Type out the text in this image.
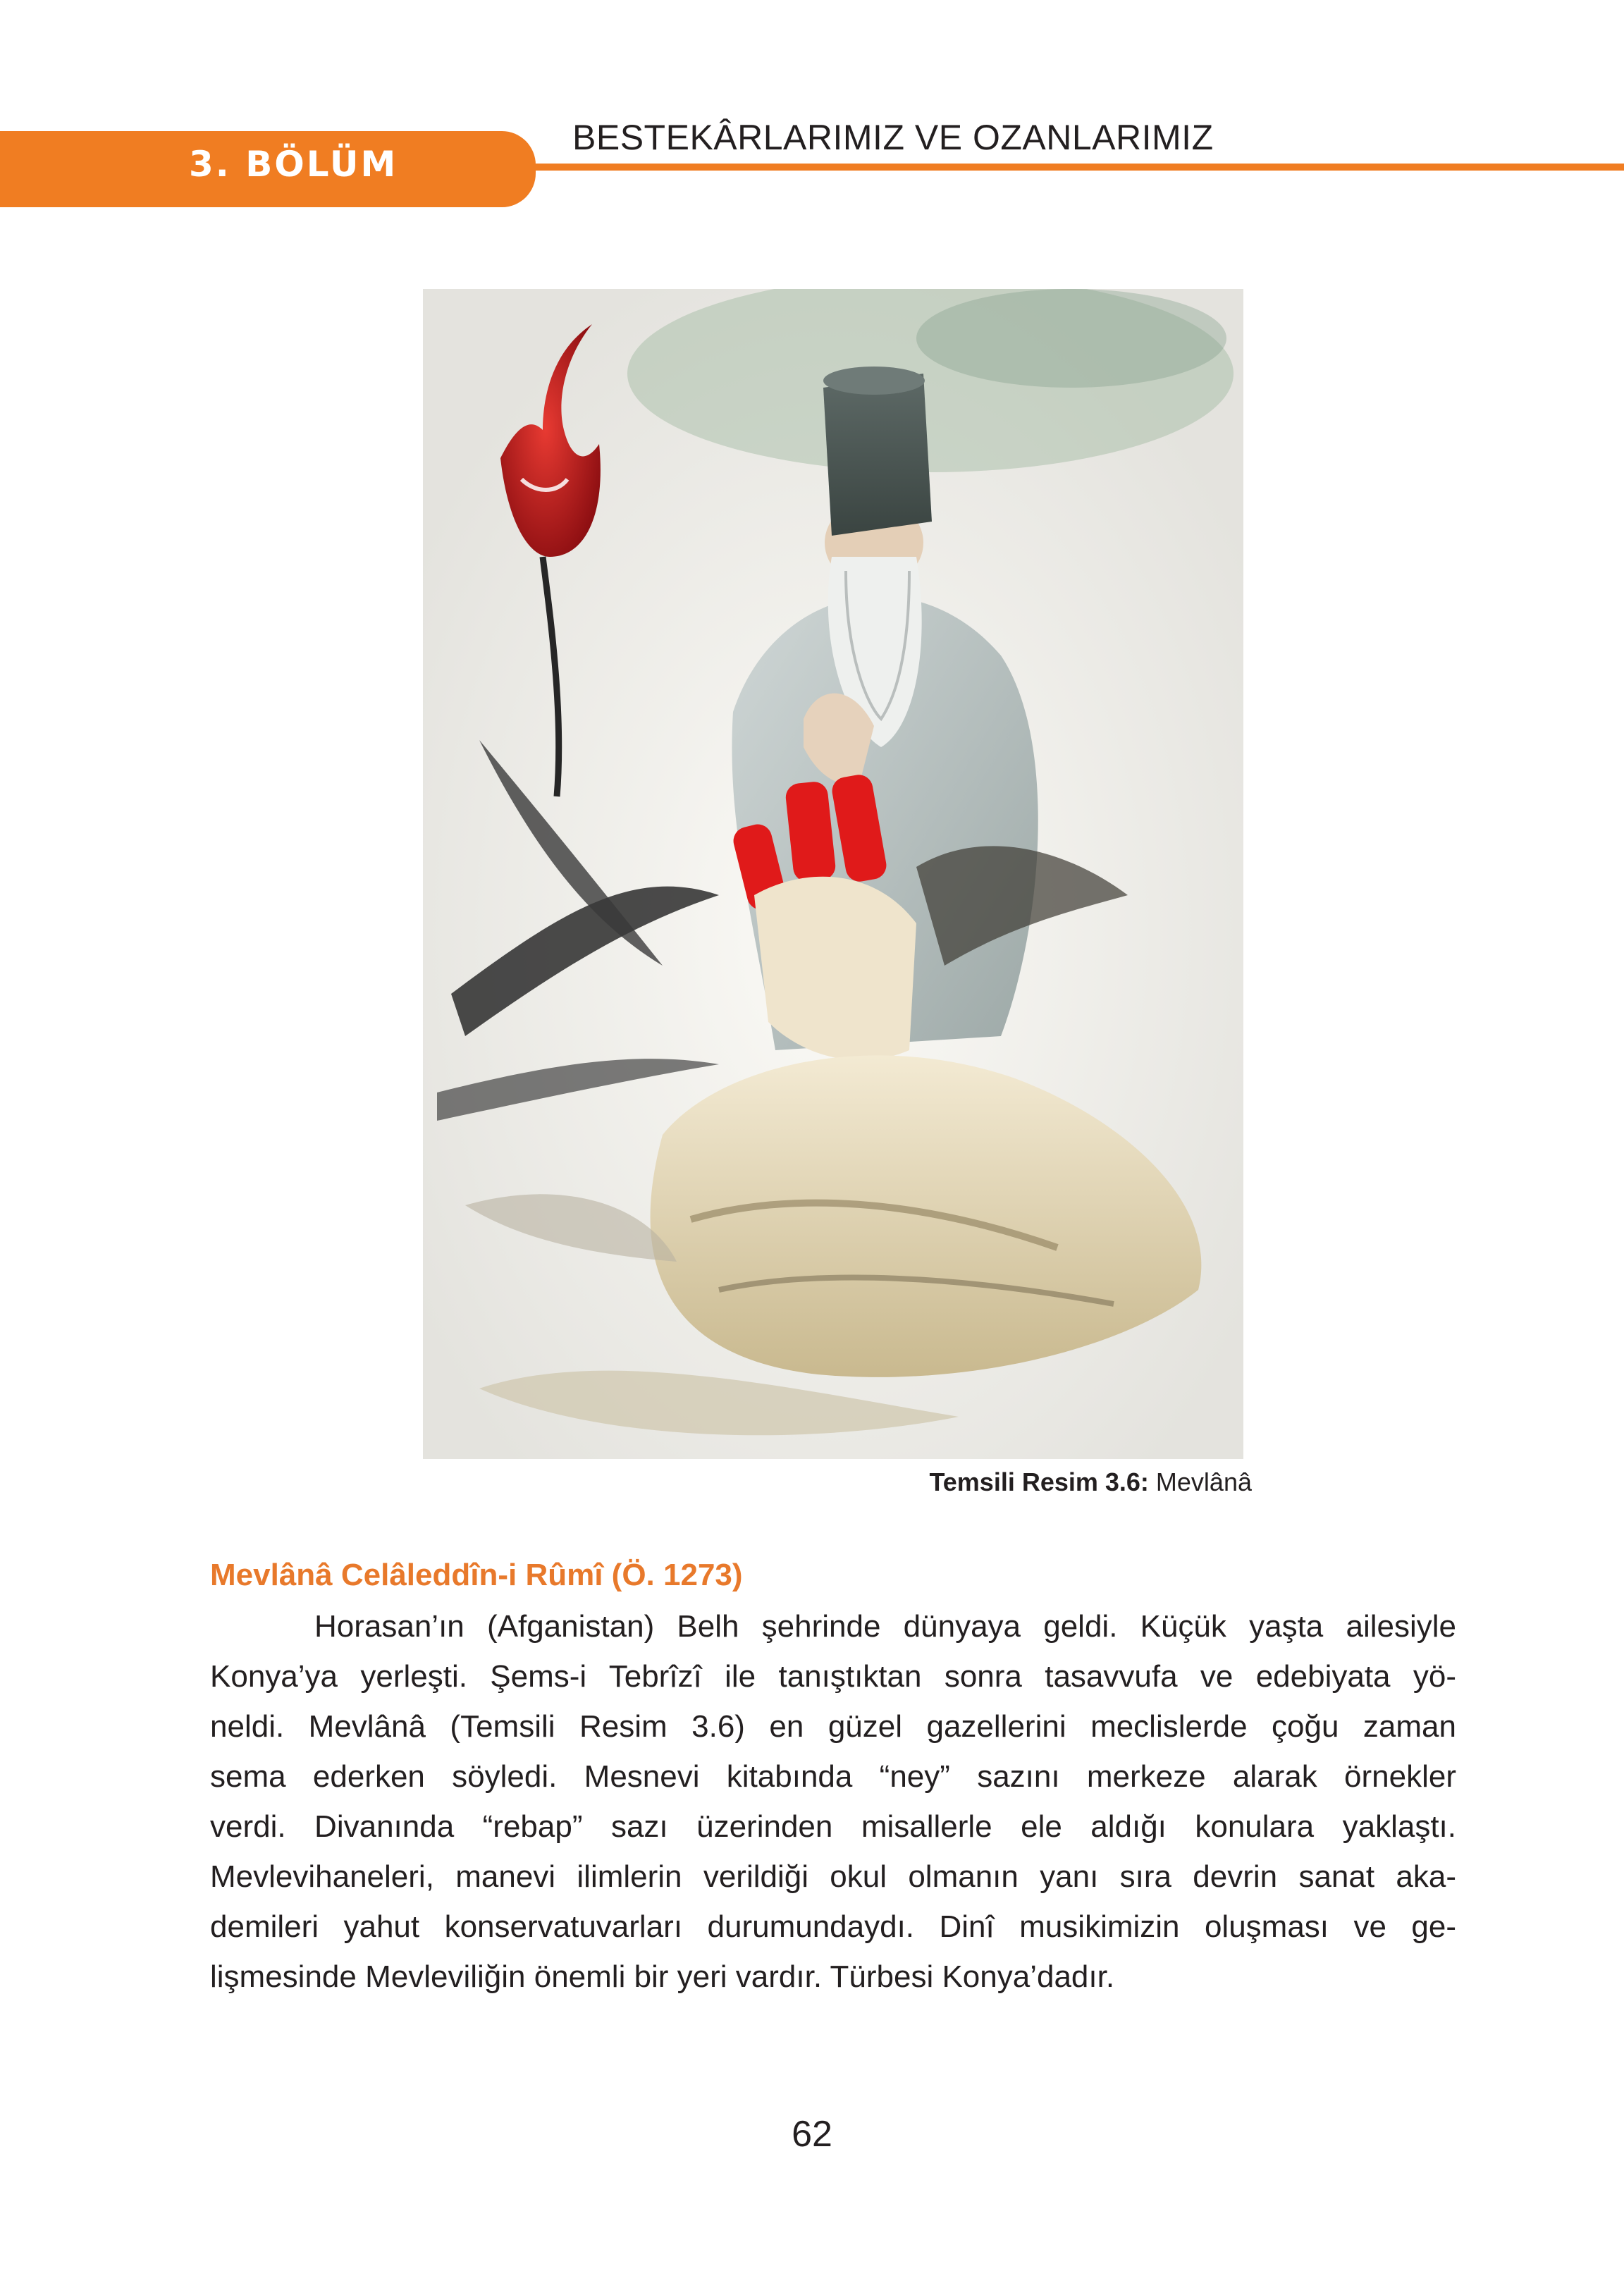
3. BÖLÜM
BESTEKÂRLARIMIZ VE OZANLARIMIZ
Temsili Resim 3.6: Mevlânâ
Mevlânâ Celâleddîn-i Rûmî (Ö. 1273)
Horasan’ın (Afganistan) Belh şehrinde dünyaya geldi. Küçük yaşta ailesiyle
Konya’ya yerleşti. Şems-i Tebrîzî ile tanıştıktan sonra tasavvufa ve edebiyata yö-
neldi. Mevlânâ (Temsili Resim 3.6) en güzel gazellerini meclislerde çoğu zaman
sema ederken söyledi. Mesnevi kitabında “ney” sazını merkeze alarak örnekler
verdi. Divanında “rebap” sazı üzerinden misallerle ele aldığı konulara yaklaştı.
Mevlevihaneleri, manevi ilimlerin verildiği okul olmanın yanı sıra devrin sanat aka-
demileri yahut konservatuvarları durumundaydı. Dinî musikimizin oluşması ve ge-
lişmesinde Mevleviliğin önemli bir yeri vardır. Türbesi Konya’dadır.
62
